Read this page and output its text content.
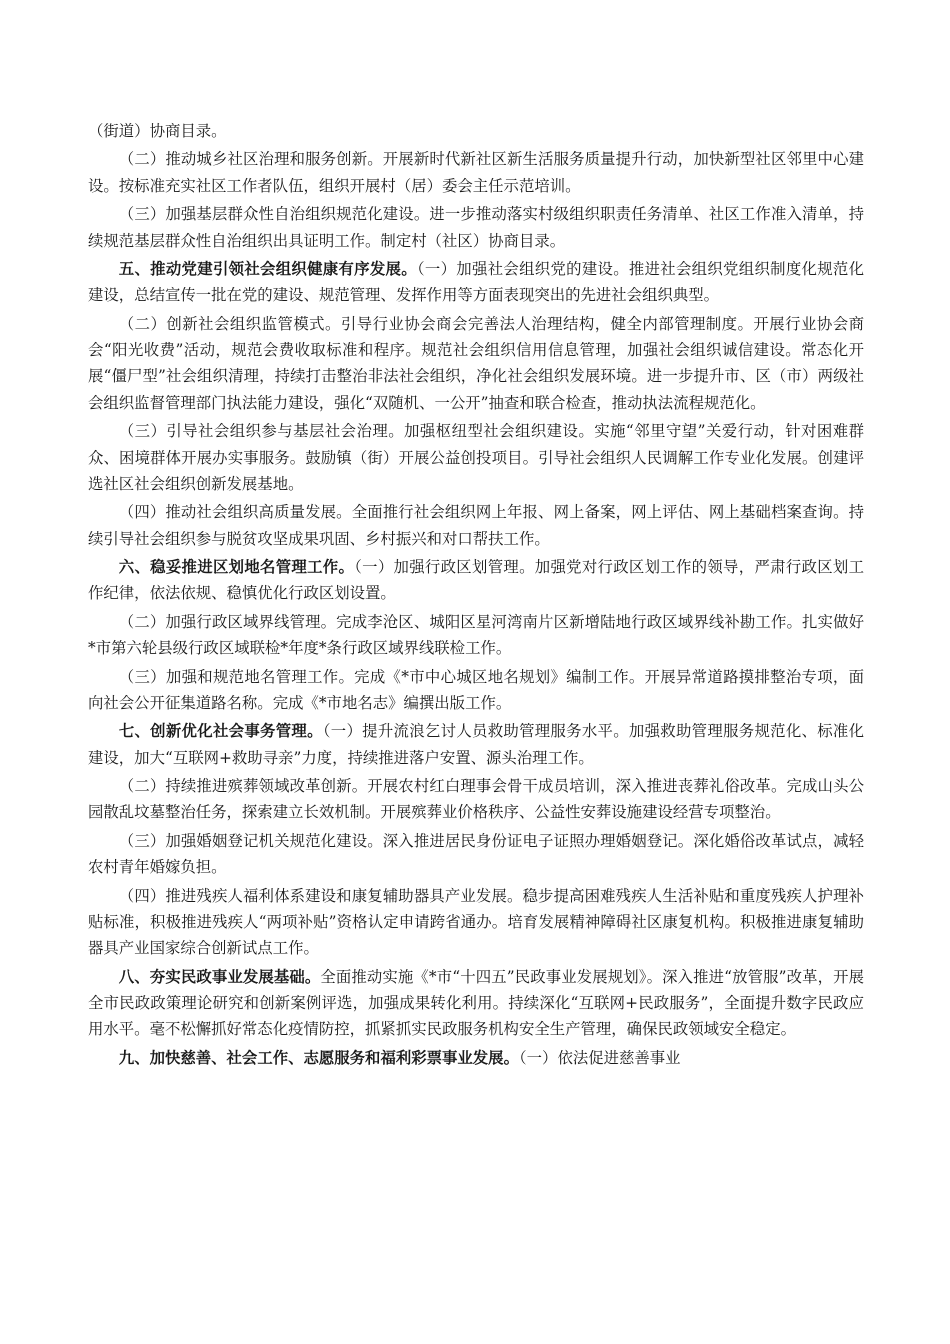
（街道）协商目录。

（二）推动城乡社区治理和服务创新。开展新时代新社区新生活服务质量提升行动，加快新型社区邻里中心建设。按标准充实社区工作者队伍，组织开展村（居）委会主任示范培训。

（三）加强基层群众性自治组织规范化建设。进一步推动落实村级组织职责任务清单、社区工作准入清单，持续规范基层群众性自治组织出具证明工作。制定村（社区）协商目录。

五、推动党建引领社会组织健康有序发展。（一）加强社会组织党的建设。推进社会组织党组织制度化规范化建设，总结宣传一批在党的建设、规范管理、发挥作用等方面表现突出的先进社会组织典型。

（二）创新社会组织监管模式。引导行业协会商会完善法人治理结构，健全内部管理制度。开展行业协会商会“阳光收费”活动，规范会费收取标准和程序。规范社会组织信用信息管理，加强社会组织诚信建设。常态化开展“僵尸型”社会组织清理，持续打击整治非法社会组织，净化社会组织发展环境。进一步提升市、区（市）两级社会组织监督管理部门执法能力建设，强化“双随机、一公开”抽查和联合检查，推动执法流程规范化。

（三）引导社会组织参与基层社会治理。加强枢纽型社会组织建设。实施“邻里守望”关爱行动，针对困难群众、困境群体开展办实事服务。鼓励镇（街）开展公益创投项目。引导社会组织人民调解工作专业化发展。创建评选社区社会组织创新发展基地。

（四）推动社会组织高质量发展。全面推行社会组织网上年报、网上备案，网上评估、网上基础档案查询。持续引导社会组织参与脱贫攻坚成果巩固、乡村振兴和对口帮扶工作。

六、稳妥推进区划地名管理工作。（一）加强行政区划管理。加强党对行政区划工作的领导，严肃行政区划工作纪律，依法依规、稳慎优化行政区划设置。

（二）加强行政区域界线管理。完成李沧区、城阳区星河湾南片区新增陆地行政区域界线补勘工作。扎实做好*市第六轮县级行政区域联检*年度*条行政区域界线联检工作。

（三）加强和规范地名管理工作。完成《*市中心城区地名规划》编制工作。开展异常道路摸排整治专项，面向社会公开征集道路名称。完成《*市地名志》编撰出版工作。

七、创新优化社会事务管理。（一）提升流浪乞讨人员救助管理服务水平。加强救助管理服务规范化、标准化建设，加大“互联网+救助寻亲”力度，持续推进落户安置、源头治理工作。

（二）持续推进殡葬领域改革创新。开展农村红白理事会骨干成员培训，深入推进丧葬礼俗改革。完成山头公园散乱坟墓整治任务，探索建立长效机制。开展殡葬业价格秩序、公益性安葬设施建设经营专项整治。

（三）加强婚姻登记机关规范化建设。深入推进居民身份证电子证照办理婚姻登记。深化婚俗改革试点，减轻农村青年婚嫁负担。

（四）推进残疾人福利体系建设和康复辅助器具产业发展。稳步提高困难残疾人生活补贴和重度残疾人护理补贴标准，积极推进残疾人“两项补贴”资格认定申请跨省通办。培育发展精神障碍社区康复机构。积极推进康复辅助器具产业国家综合创新试点工作。

八、夯实民政事业发展基础。全面推动实施《*市“十四五”民政事业发展规划》。深入推进“放管服”改革，开展全市民政政策理论研究和创新案例评选，加强成果转化利用。持续深化“互联网+民政服务”，全面提升数字民政应用水平。毫不松懈抓好常态化疫情防控，抓紧抓实民政服务机构安全生产管理，确保民政领域安全稳定。

九、加快慈善、社会工作、志愿服务和福利彩票事业发展。（一）依法促进慈善事业
